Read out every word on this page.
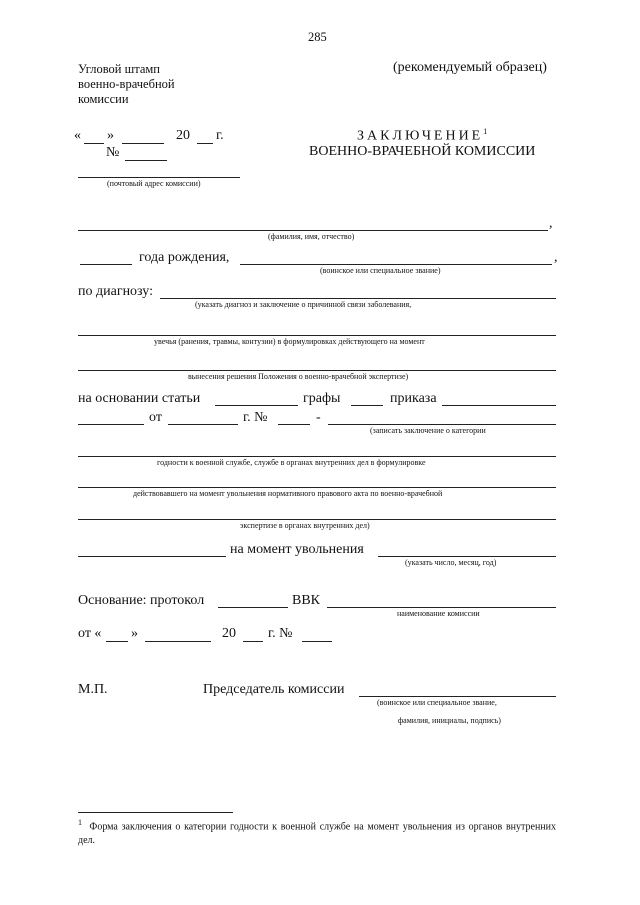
285
Угловой штамп
военно-врачебной
комиссии
(рекомендуемый образец)
« »	20 г.
№
ЗАКЛЮЧЕНИЕ$^1$
ВОЕННО-ВРАЧЕБНОЙ КОМИССИИ
(почтовый адрес комиссии)
,
(фамилия, имя, отчество)
года рождения,	,
(воинское или специальное звание)
по диагнозу:
(указать диагноз и заключение о причинной связи заболевания,
увечья (ранения, травмы, контузии) в формулировках действующего на момент
вынесения решения Положения о военно-врачебной экспертизе)
на основании статьи	графы	приказа
от	г. №	-
(записать заключение о категории
годности к военной службе, службе в органах внутренних дел в формулировке
действовавшего на момент увольнения нормативного правового акта по военно-врачебной
экспертизе в органах внутренних дел)
на момент увольнения
(указать число, месяц, год)
Основание: протокол	ВВК
наименование комиссии
от « »	20 г. №
М.П.	Председатель комиссии
(воинское или специальное звание,
фамилия, инициалы, подпись)
$^1$ Форма заключения о категории годности к военной службе на момент увольнения из органов внутренних дел.
